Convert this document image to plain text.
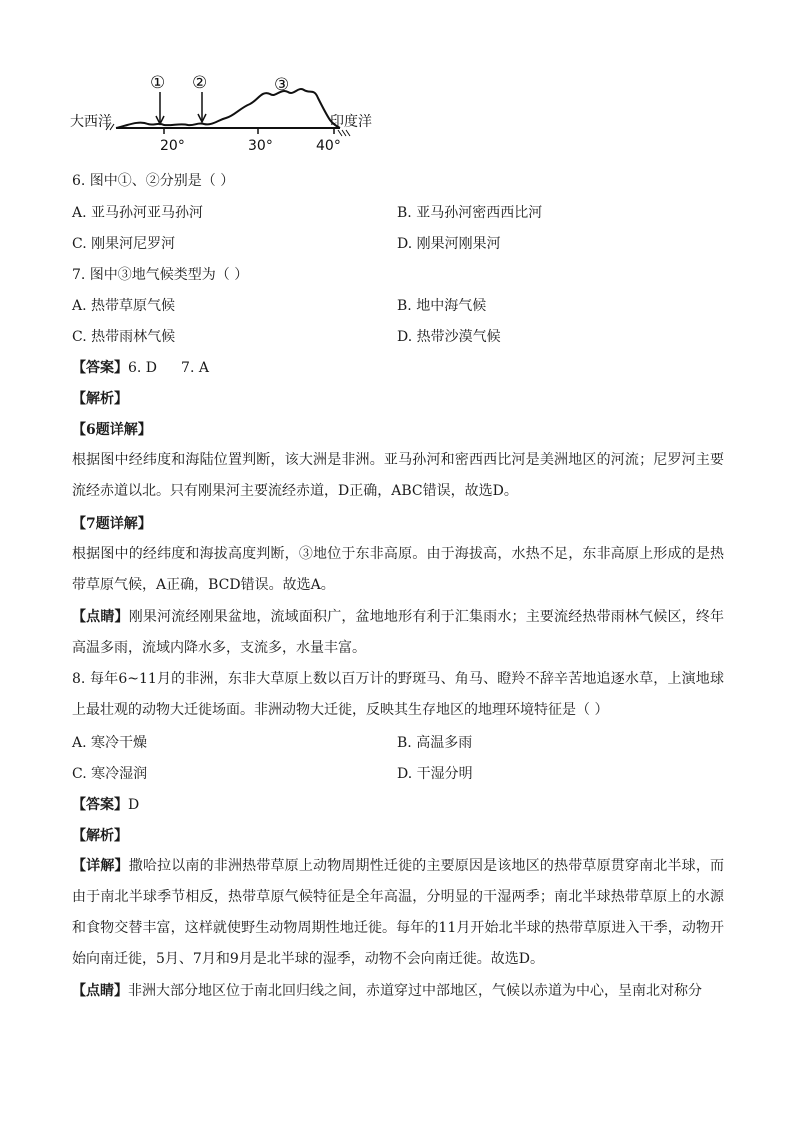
大西洋	印度洋
① ②	③
20°	30°	40°
6. 图中①、②分别是（ ）
A. 亚马孙河亚马孙河	B. 亚马孙河密西西比河
C. 刚果河尼罗河	D. 刚果河刚果河
7. 图中③地气候类型为（ ）
A. 热带草原气候	B. 地中海气候
C. 热带雨林气候	D. 热带沙漠气候
【答案】6. D 7. A
【解析】
【6题详解】
根据图中经纬度和海陆位置判断，该大洲是非洲。亚马孙河和密西西比河是美洲地区的河流；尼罗河主要流经赤道以北。只有刚果河主要流经赤道，D正确，ABC错误，故选D。
【7题详解】
根据图中的经纬度和海拔高度判断，③地位于东非高原。由于海拔高，水热不足，东非高原上形成的是热带草原气候，A正确，BCD错误。故选A。
【点睛】刚果河流经刚果盆地，流域面积广，盆地地形有利于汇集雨水；主要流经热带雨林气候区，终年高温多雨，流域内降水多，支流多，水量丰富。
8. 每年6~11月的非洲，东非大草原上数以百万计的野斑马、角马、瞪羚不辞辛苦地追逐水草，上演地球上最壮观的动物大迁徙场面。非洲动物大迁徙，反映其生存地区的地理环境特征是（ ）
A. 寒冷干燥	B. 高温多雨
C. 寒冷湿润	D. 干湿分明
【答案】D
【解析】
【详解】撒哈拉以南的非洲热带草原上动物周期性迁徙的主要原因是该地区的热带草原贯穿南北半球，而由于南北半球季节相反，热带草原气候特征是全年高温，分明显的干湿两季；南北半球热带草原上的水源和食物交替丰富，这样就使野生动物周期性地迁徙。每年的11月开始北半球的热带草原进入干季，动物开始向南迁徙，5月、7月和9月是北半球的湿季，动物不会向南迁徙。故选D。
【点睛】非洲大部分地区位于南北回归线之间，赤道穿过中部地区，气候以赤道为中心，呈南北对称分
